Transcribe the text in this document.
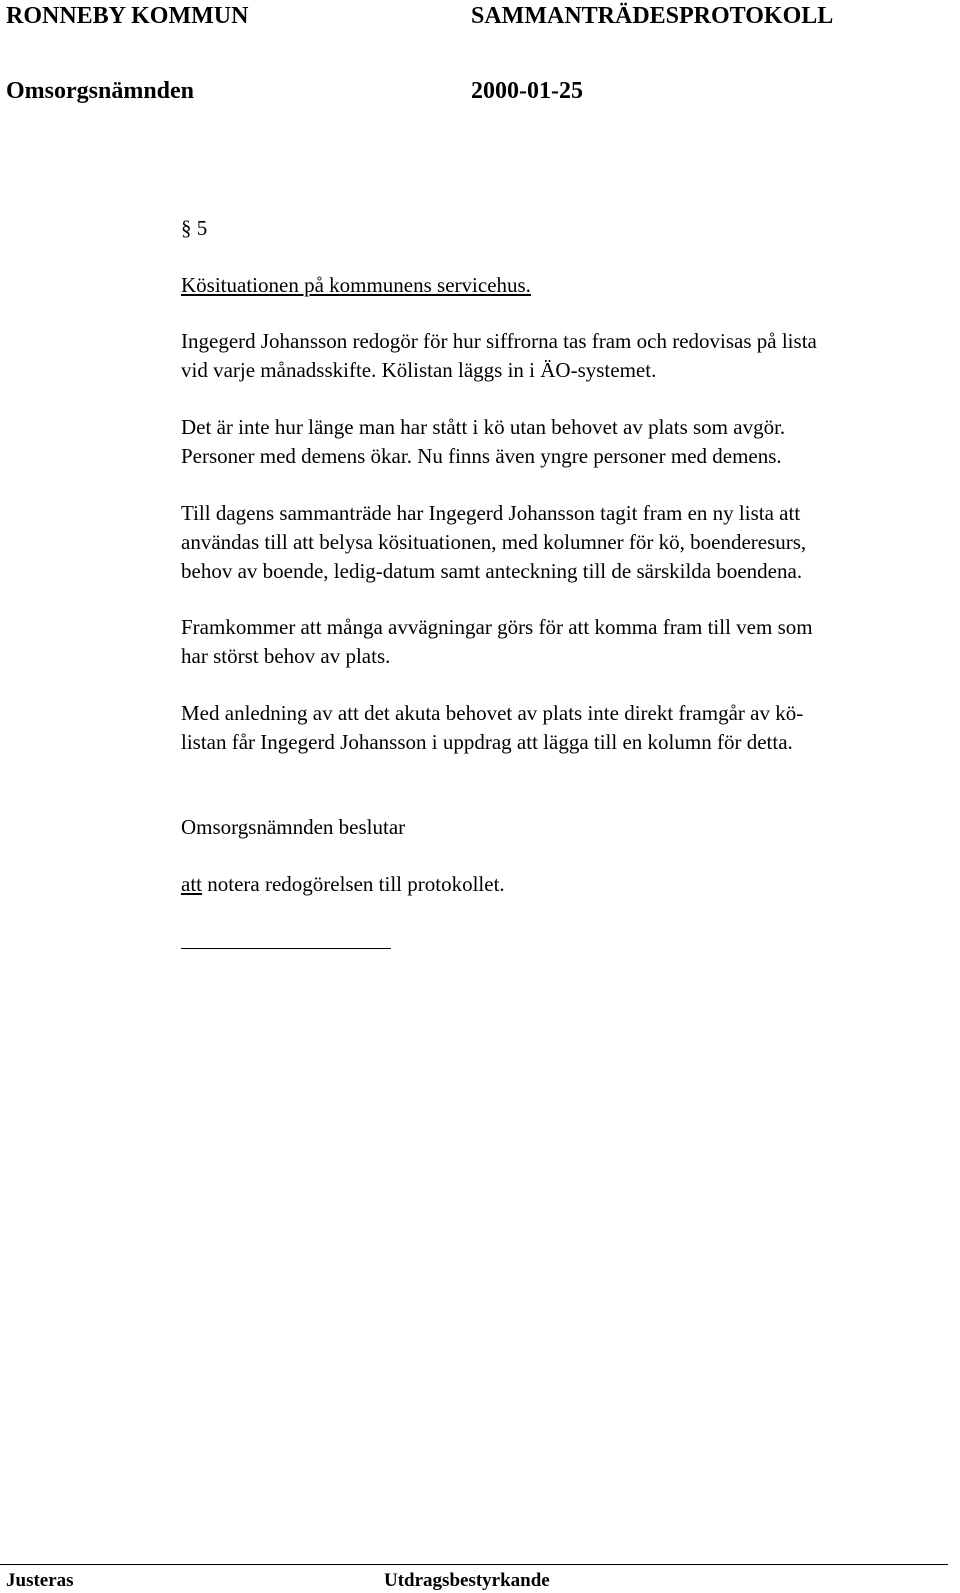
RONNEBY KOMMUN	SAMMANTRÄDESPROTOKOLL
Omsorgsnämnden	2000-01-25
§ 5
Kösituationen på kommunens servicehus.
Ingegerd Johansson redogör för hur siffrorna tas fram och redovisas på lista
vid varje månadsskifte. Kölistan läggs in i ÄO-systemet.
Det är inte hur länge man har stått i kö utan behovet av plats som avgör.
Personer med demens ökar. Nu finns även yngre personer med demens.
Till dagens sammanträde har Ingegerd Johansson tagit fram en ny lista att
användas till att belysa kösituationen, med kolumner för kö, boenderesurs,
behov av boende, ledig-datum samt anteckning till de särskilda boendena.
Framkommer att många avvägningar görs för att komma fram till vem som
har störst behov av plats.
Med anledning av att det akuta behovet av plats inte direkt framgår av kö-
listan får Ingegerd Johansson i uppdrag att lägga till en kolumn för detta.
Omsorgsnämnden beslutar
att notera redogörelsen till protokollet.
Justeras	Utdragsbestyrkande
